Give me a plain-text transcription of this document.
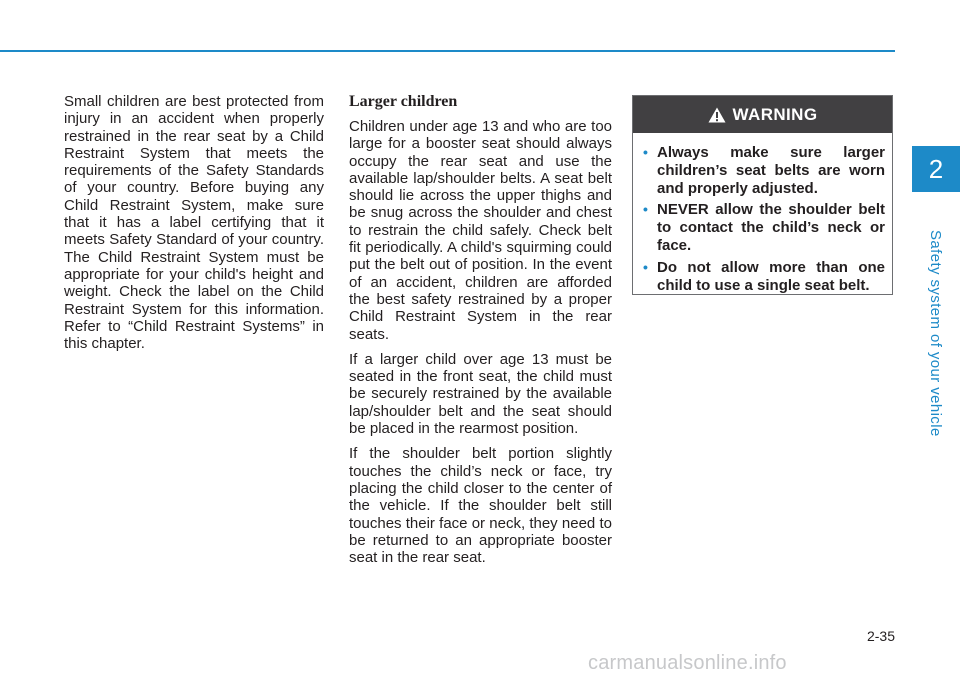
Small children are best protected from injury in an accident when properly restrained in the rear seat by a Child Restraint System that meets the requirements of the Safety Standards of your country. Before buying any Child Restraint System, make sure that it has a label certifying that it meets Safety Standard of your country. The Child Restraint System must be appropriate for your child's height and weight. Check the label on the Child Restraint System for this information. Refer to “Child Restraint Systems” in this chapter.

Larger children

Children under age 13 and who are too large for a booster seat should always occupy the rear seat and use the available lap/shoulder belts. A seat belt should lie across the upper thighs and be snug across the shoulder and chest to restrain the child safely. Check belt fit periodically. A child's squirming could put the belt out of position. In the event of an accident, children are afforded the best safety restrained by a proper Child Restraint System in the rear seats.

If a larger child over age 13 must be seated in the front seat, the child must be securely restrained by the available lap/shoulder belt and the seat should be placed in the rearmost position.

If the shoulder belt portion slightly touches the child’s neck or face, try placing the child closer to the center of the vehicle. If the shoulder belt still touches their face or neck, they need to be returned to an appropriate booster seat in the rear seat.

WARNING
• Always make sure larger children’s seat belts are worn and properly adjusted.
• NEVER allow the shoulder belt to contact the child’s neck or face.
• Do not allow more than one child to use a single seat belt.
2
Safety system of your vehicle
2-35
carmanualsonline.info
